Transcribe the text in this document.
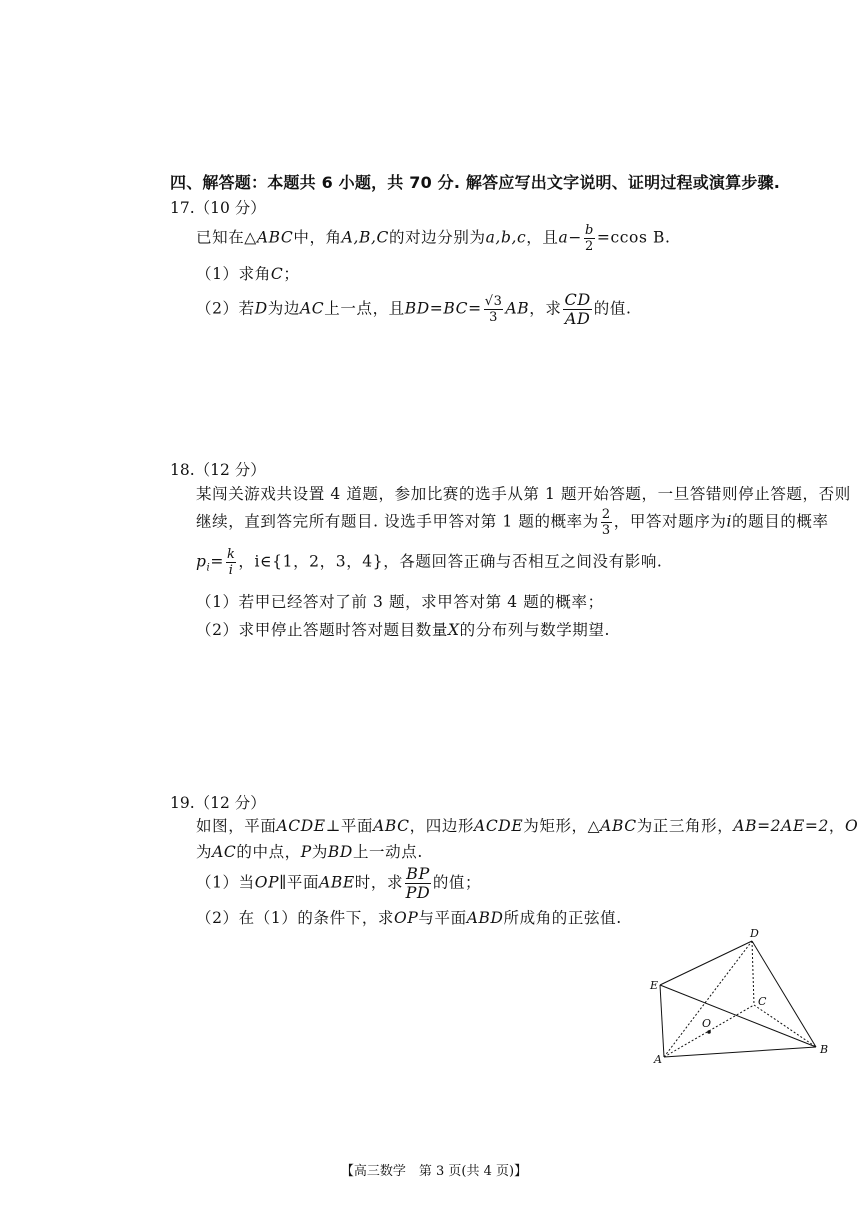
四、解答题：本题共 6 小题，共 70 分. 解答应写出文字说明、证明过程或演算步骤.
17.（10 分）
已知在△ABC中，角A,B,C的对边分别为a,b,c，且$a- \frac{b}{2} =ccos$ B.
（1）求角C；
（2）若D为边AC上一点，且$BD=BC= \frac{√3}{3}$ AB，求 $\frac{CD}{AD}$ 的值.
18.（12 分）
某闯关游戏共设置 4 道题，参加比赛的选手从第 1 题开始答题，一旦答错则停止答题，否则
继续，直到答完所有题目. 设选手甲答对第 1 题的概率为 $\frac{2}{3}$ ，甲答对题序为i的题目的概率
$p_i= \frac{k}{i}$ ，i∈{1，2，3，4}，各题回答正确与否相互之间没有影响.
（1）若甲已经答对了前 3 题，求甲答对第 4 题的概率；
（2）求甲停止答题时答对题目数量X的分布列与数学期望.
19.（12 分）
如图，平面ACDE⊥平面ABC，四边形ACDE为矩形，△ABC为正三角形，AB=2AE=2，O
为AC的中点，P为BD上一动点.
（1）当OP∥平面ABE时，求 $\frac{BP}{PD}$ 的值；
（2）在（1）的条件下，求OP与平面ABD所成角的正弦值.
D
E
C
O
A
B
【高三数学　第 3 页(共 4 页)】
